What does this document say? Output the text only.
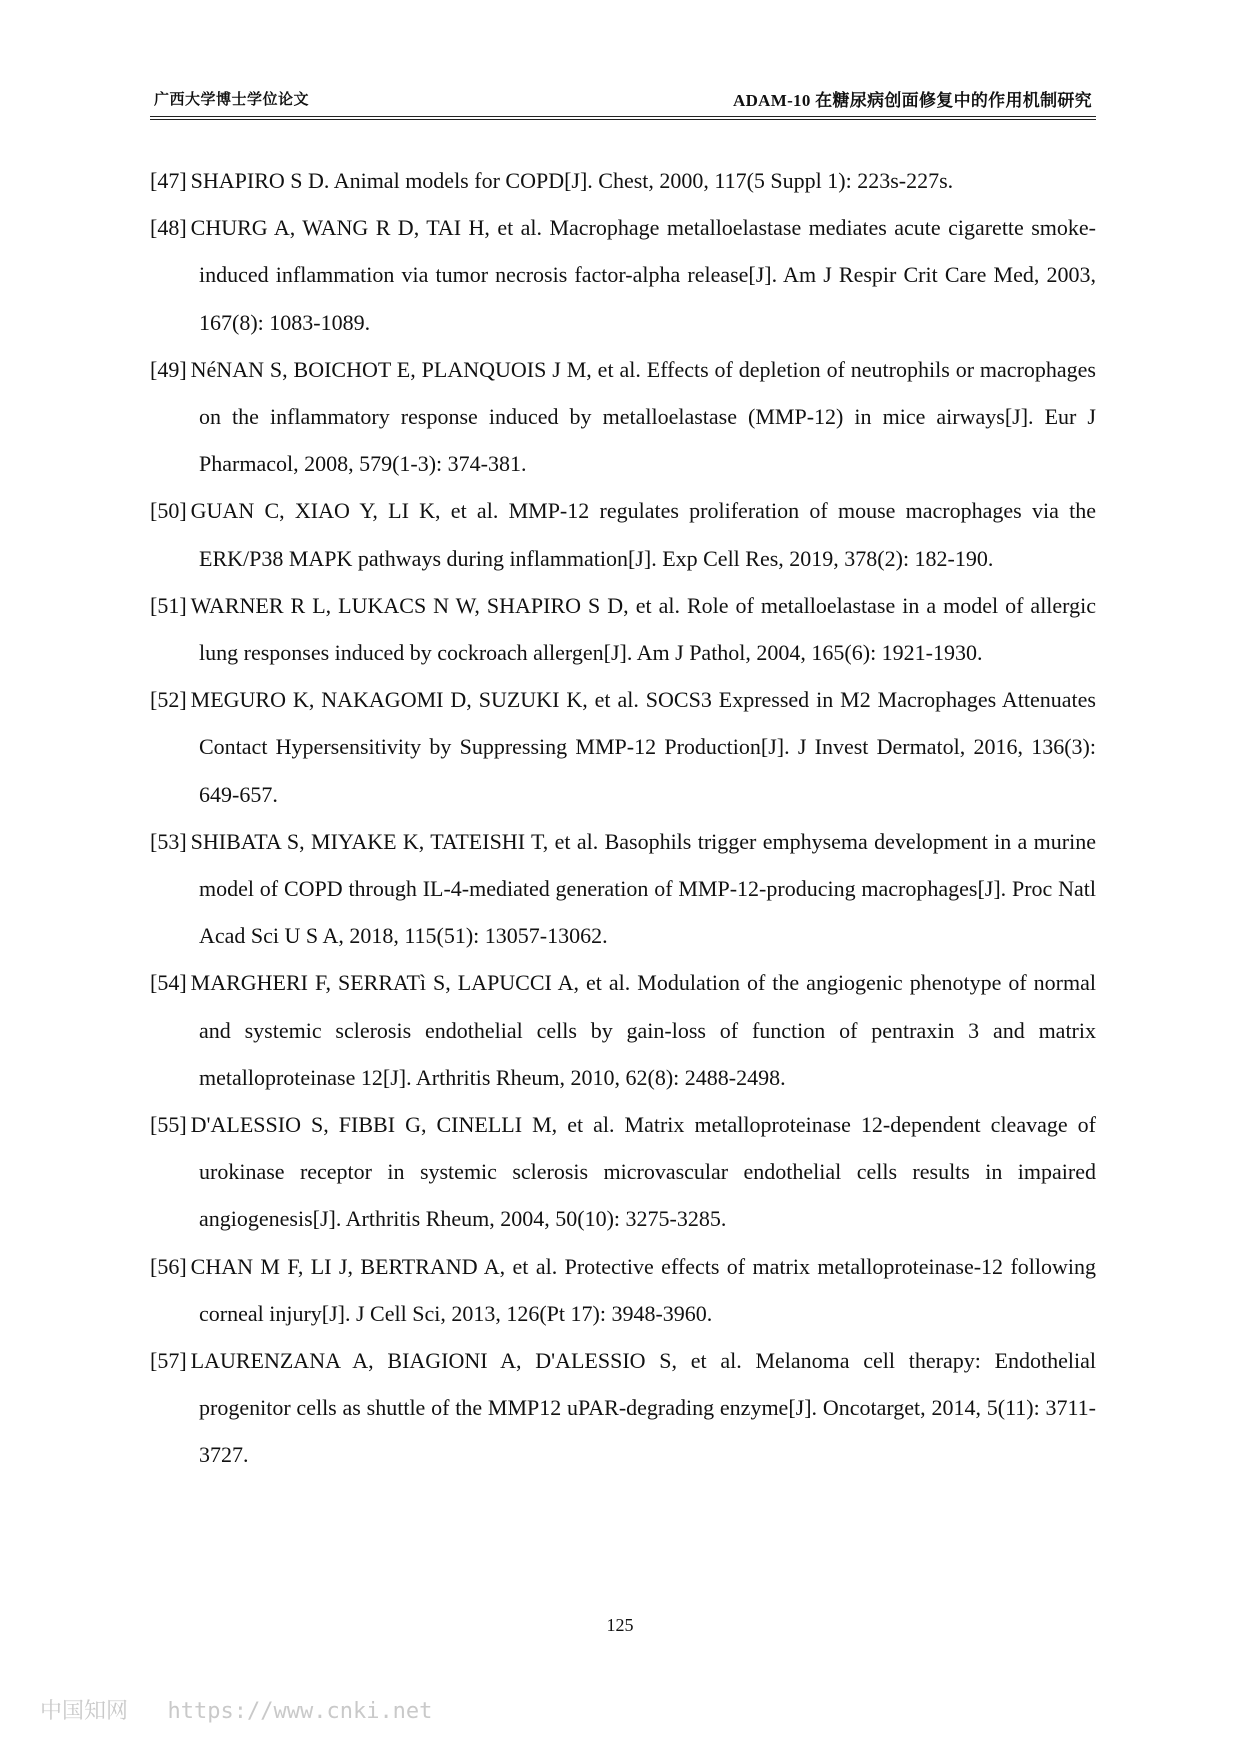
广西大学博士学位论文	ADAM-10 在糖尿病创面修复中的作用机制研究
[47] SHAPIRO S D. Animal models for COPD[J]. Chest, 2000, 117(5 Suppl 1): 223s-227s.
[48] CHURG A, WANG R D, TAI H, et al. Macrophage metalloelastase mediates acute cigarette smoke-induced inflammation via tumor necrosis factor-alpha release[J]. Am J Respir Crit Care Med, 2003, 167(8): 1083-1089.
[49] NéNAN S, BOICHOT E, PLANQUOIS J M, et al. Effects of depletion of neutrophils or macrophages on the inflammatory response induced by metalloelastase (MMP-12) in mice airways[J]. Eur J Pharmacol, 2008, 579(1-3): 374-381.
[50] GUAN C, XIAO Y, LI K, et al. MMP-12 regulates proliferation of mouse macrophages via the ERK/P38 MAPK pathways during inflammation[J]. Exp Cell Res, 2019, 378(2): 182-190.
[51] WARNER R L, LUKACS N W, SHAPIRO S D, et al. Role of metalloelastase in a model of allergic lung responses induced by cockroach allergen[J]. Am J Pathol, 2004, 165(6): 1921-1930.
[52] MEGURO K, NAKAGOMI D, SUZUKI K, et al. SOCS3 Expressed in M2 Macrophages Attenuates Contact Hypersensitivity by Suppressing MMP-12 Production[J]. J Invest Dermatol, 2016, 136(3): 649-657.
[53] SHIBATA S, MIYAKE K, TATEISHI T, et al. Basophils trigger emphysema development in a murine model of COPD through IL-4-mediated generation of MMP-12-producing macrophages[J]. Proc Natl Acad Sci U S A, 2018, 115(51): 13057-13062.
[54] MARGHERI F, SERRATì S, LAPUCCI A, et al. Modulation of the angiogenic phenotype of normal and systemic sclerosis endothelial cells by gain-loss of function of pentraxin 3 and matrix metalloproteinase 12[J]. Arthritis Rheum, 2010, 62(8): 2488-2498.
[55] D'ALESSIO S, FIBBI G, CINELLI M, et al. Matrix metalloproteinase 12-dependent cleavage of urokinase receptor in systemic sclerosis microvascular endothelial cells results in impaired angiogenesis[J]. Arthritis Rheum, 2004, 50(10): 3275-3285.
[56] CHAN M F, LI J, BERTRAND A, et al. Protective effects of matrix metalloproteinase-12 following corneal injury[J]. J Cell Sci, 2013, 126(Pt 17): 3948-3960.
[57] LAURENZANA A, BIAGIONI A, D'ALESSIO S, et al. Melanoma cell therapy: Endothelial progenitor cells as shuttle of the MMP12 uPAR-degrading enzyme[J]. Oncotarget, 2014, 5(11): 3711-3727.
125
中国知网 https://www.cnki.net
